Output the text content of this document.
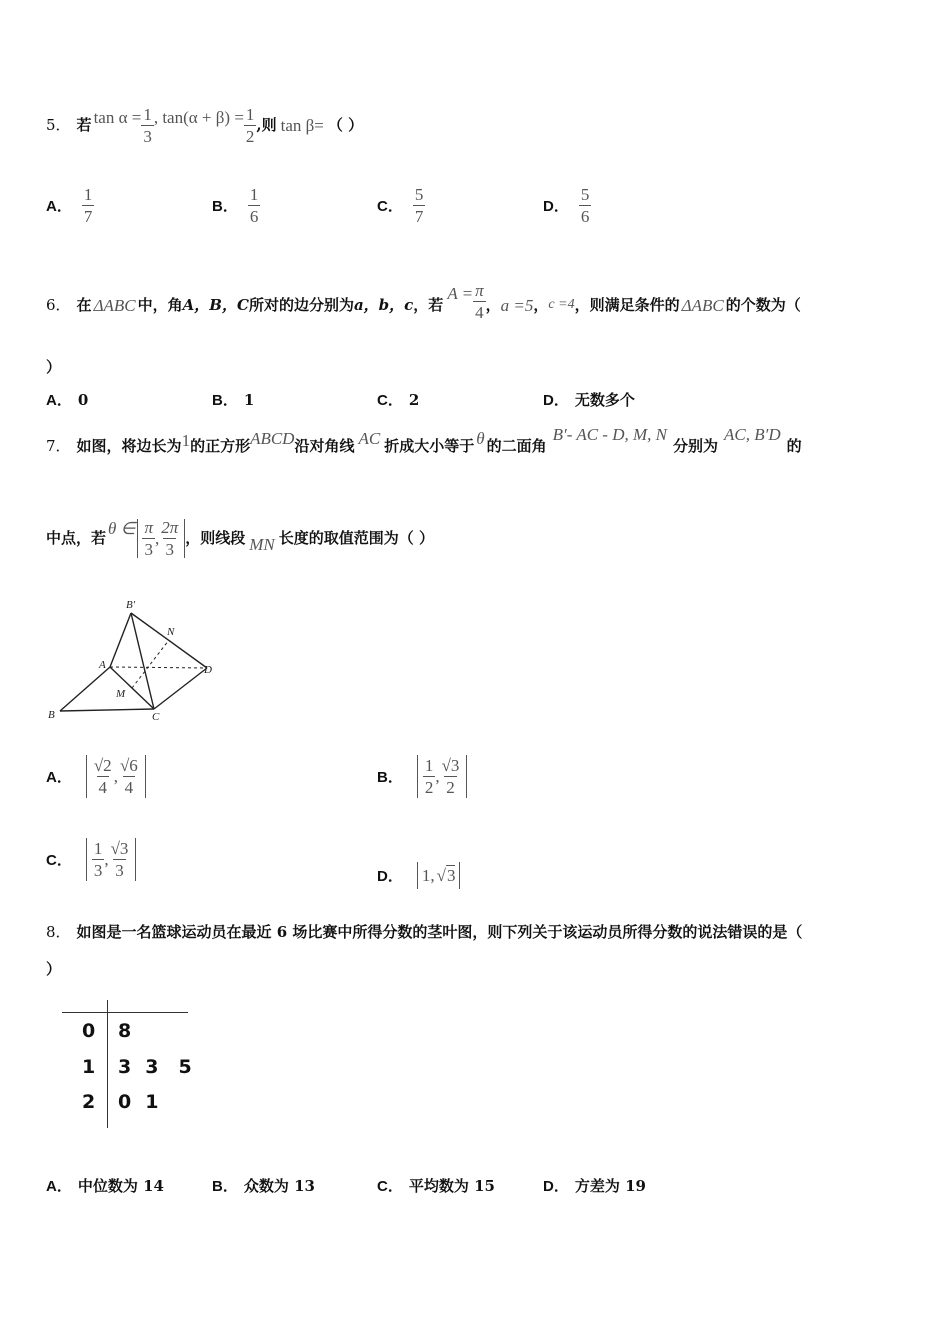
5． 若 $\tan \alpha = \frac{1}{3}$ , $\tan(\alpha + \beta) = \frac{1}{2}$ ,则 tan β= （ ）
A． $\frac{1}{7}$	B． $\frac{1}{6}$	C． $\frac{5}{7}$	D． $\frac{5}{6}$
6． 在 ΔABC 中，角 A，B，C 所对的边分别为 a，b，c ，若
$A = \frac{\pi}{4}$ ， a =5 ， c =4 ，则满足条件的 ΔABC 的个数为（
）
A． 0	B． 1	C． 2	D． 无数多个
7． 如图，将边长为 1 的正方形 ABCD 沿对角线 AC 折成大小等于 θ 的二面角
B′- AC - D, M, N
分别为
AC, B′D
的
中点，若 θ ∈ $\frac{\pi}{3}$ , $\frac{2\pi}{3}$ ，则线段 MN 长度的取值范围为（ ）
B′
N
A	D
M
B	C
A． $\frac{√2}{4}$ , $\frac{√6}{4}$	B． $\frac{1}{2}$ , $\frac{√3}{2}$
C． $\frac{1}{3}$ , $\frac{√3}{3}$	D． 1, √ 3
8． 如图是一名篮球运动员在最近 6 场比赛中所得分数的茎叶图，则下列关于该运动员所得分数的说法错误的是（
）
0 8
1 3 3 5
2 0 1
A． 中位数为 14	B． 众数为 13	C． 平均数为 15	D． 方差为 19
